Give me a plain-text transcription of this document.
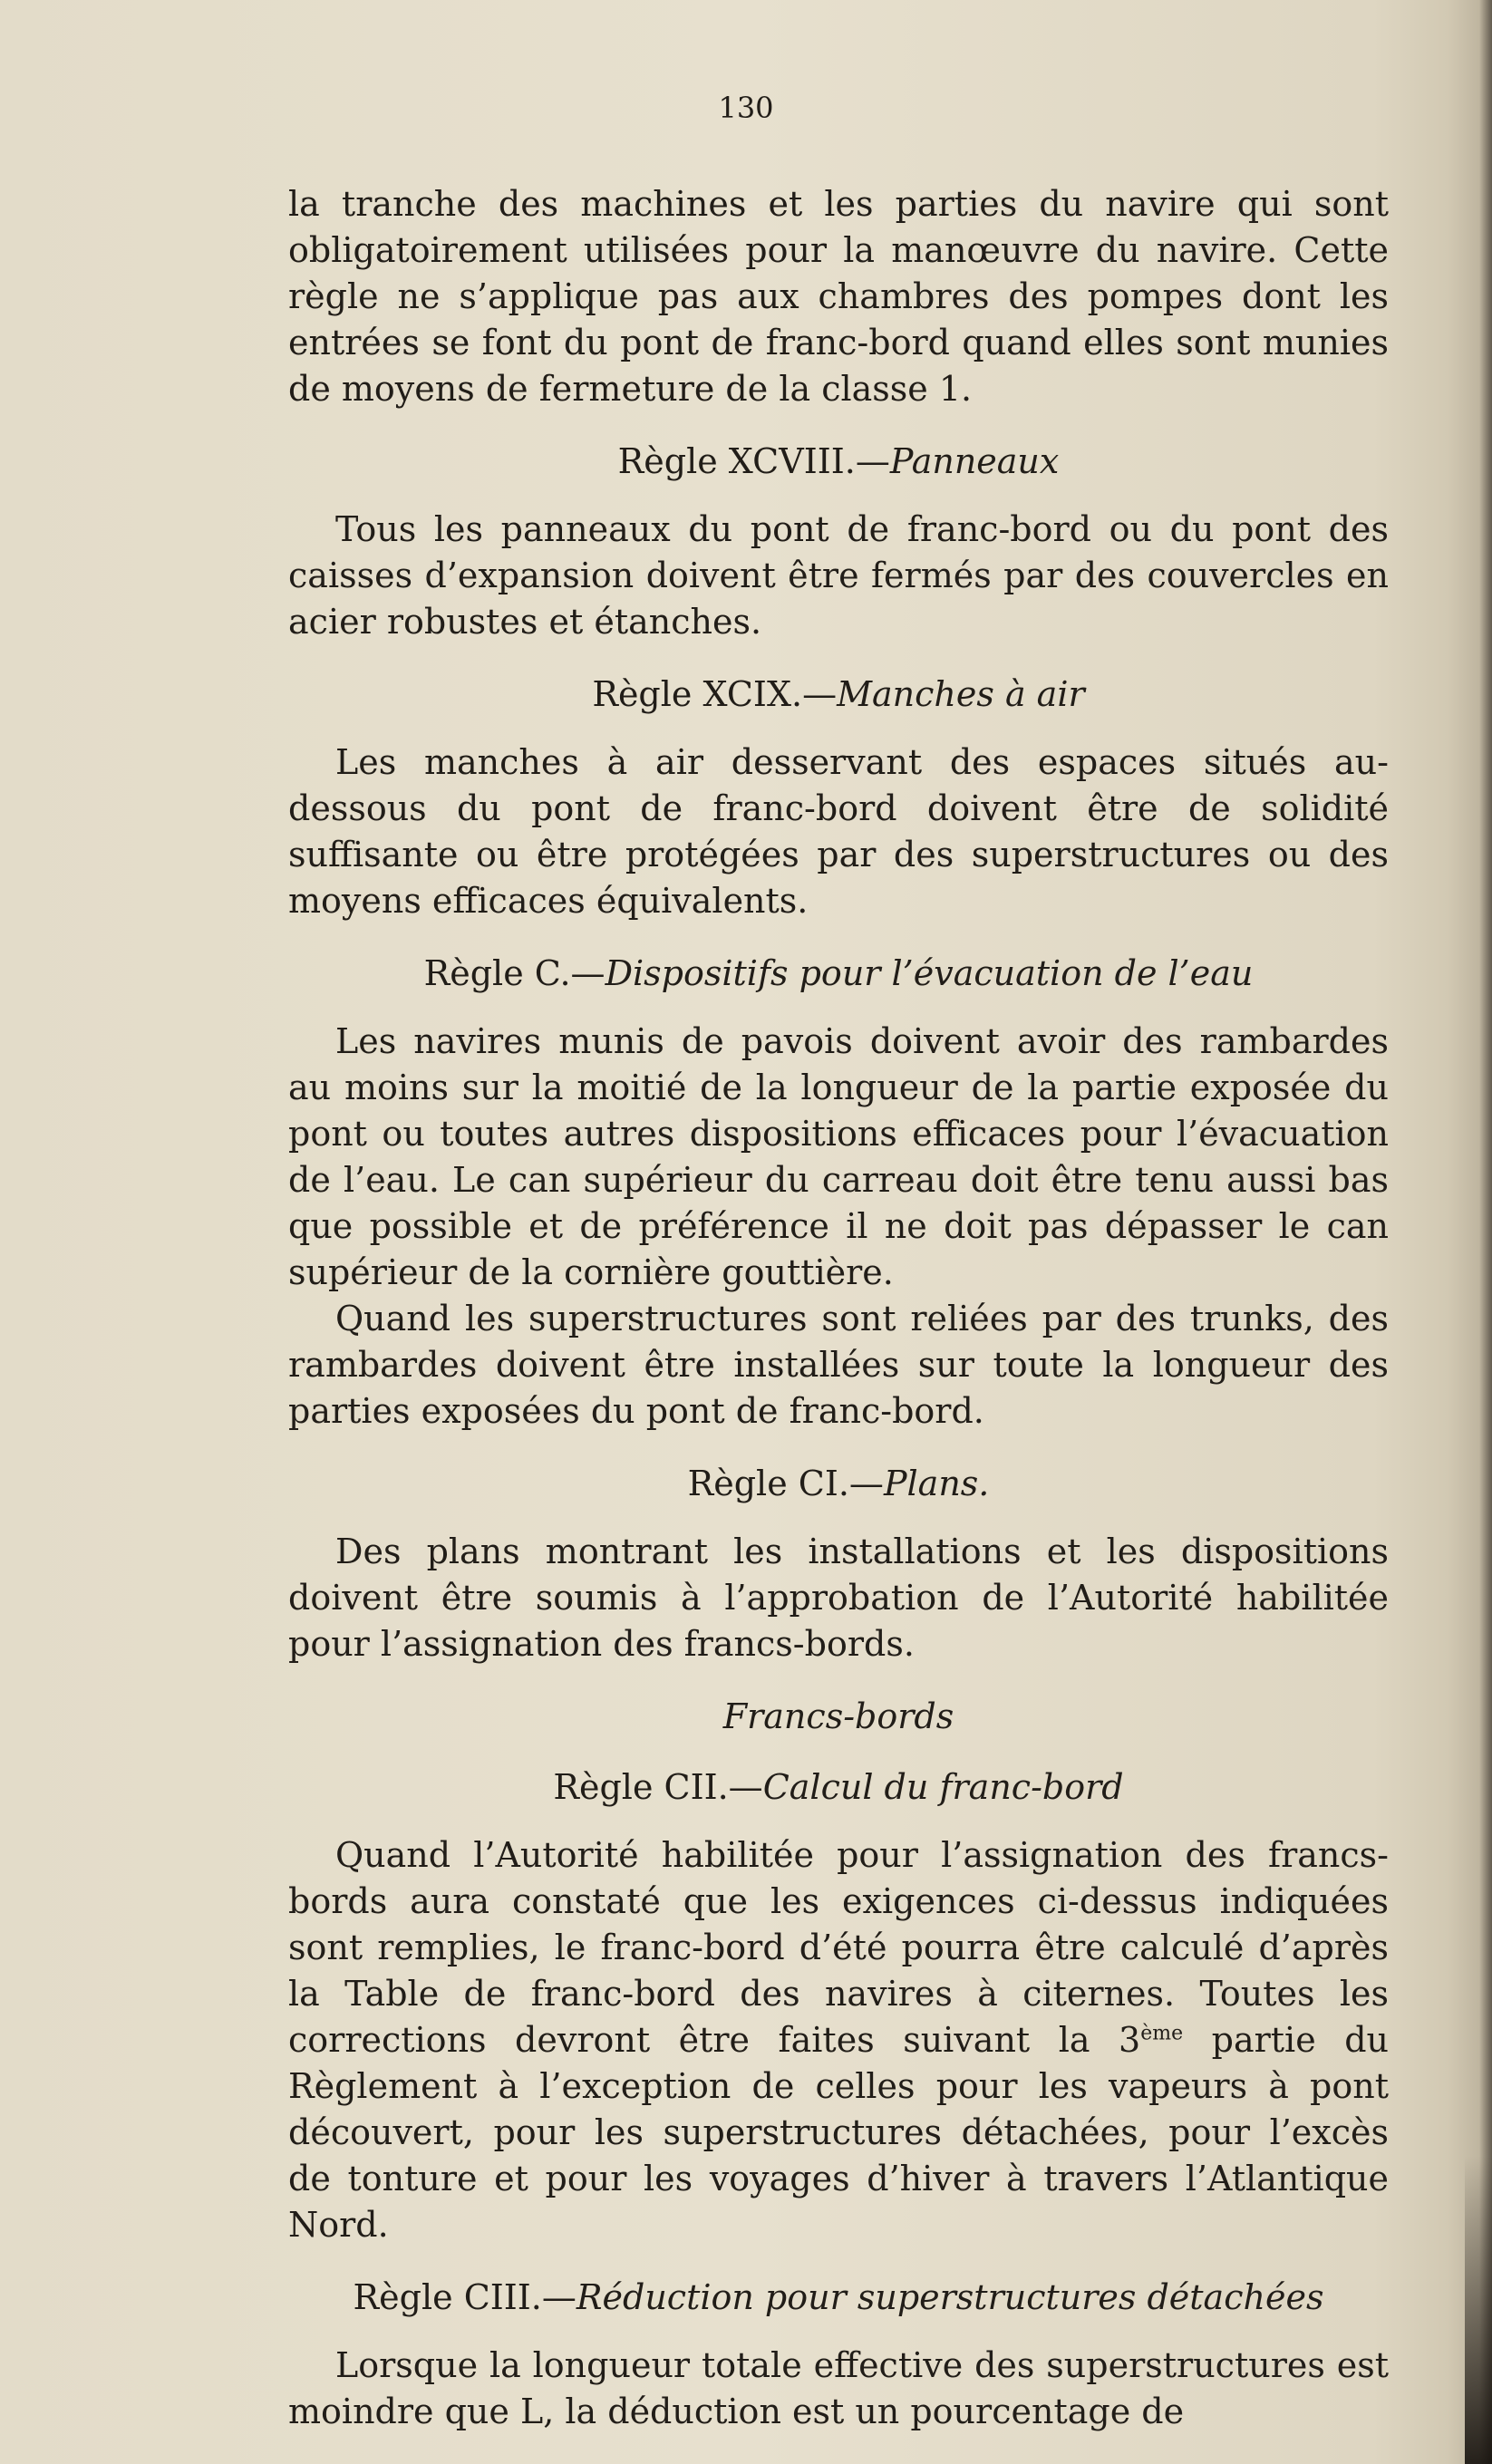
130

la tranche des machines et les parties du navire qui sont obligatoirement utilisées pour la manœuvre du navire. Cette règle ne s’applique pas aux chambres des pompes dont les entrées se font du pont de franc-bord quand elles sont munies de moyens de fermeture de la classe 1.

Règle XCVIII.—Panneaux

Tous les panneaux du pont de franc-bord ou du pont des caisses d’expansion doivent être fermés par des couvercles en acier robustes et étanches.

Règle XCIX.—Manches à air

Les manches à air desservant des espaces situés au-dessous du pont de franc-bord doivent être de solidité suffisante ou être protégées par des superstructures ou des moyens efficaces équivalents.

Règle C.—Dispositifs pour l’évacuation de l’eau

Les navires munis de pavois doivent avoir des rambardes au moins sur la moitié de la longueur de la partie exposée du pont ou toutes autres dispositions efficaces pour l’évacuation de l’eau. Le can supérieur du carreau doit être tenu aussi bas que possible et de préférence il ne doit pas dépasser le can supérieur de la cornière gouttière.

Quand les superstructures sont reliées par des trunks, des rambardes doivent être installées sur toute la longueur des parties exposées du pont de franc-bord.

Règle CI.—Plans.

Des plans montrant les installations et les dispositions doivent être soumis à l’approbation de l’Autorité habilitée pour l’assignation des francs-bords.

Francs-bords
Règle CII.—Calcul du franc-bord

Quand l’Autorité habilitée pour l’assignation des francs-bords aura constaté que les exigences ci-dessus indiquées sont remplies, le franc-bord d’été pourra être calculé d’après la Table de franc-bord des navires à citernes. Toutes les corrections devront être faites suivant la 3ème partie du Règlement à l’exception de celles pour les vapeurs à pont découvert, pour les superstructures détachées, pour l’excès de tonture et pour les voyages d’hiver à travers l’Atlantique Nord.

Règle CIII.—Réduction pour superstructures détachées

Lorsque la longueur totale effective des superstructures est moindre que L, la déduction est un pourcentage de
